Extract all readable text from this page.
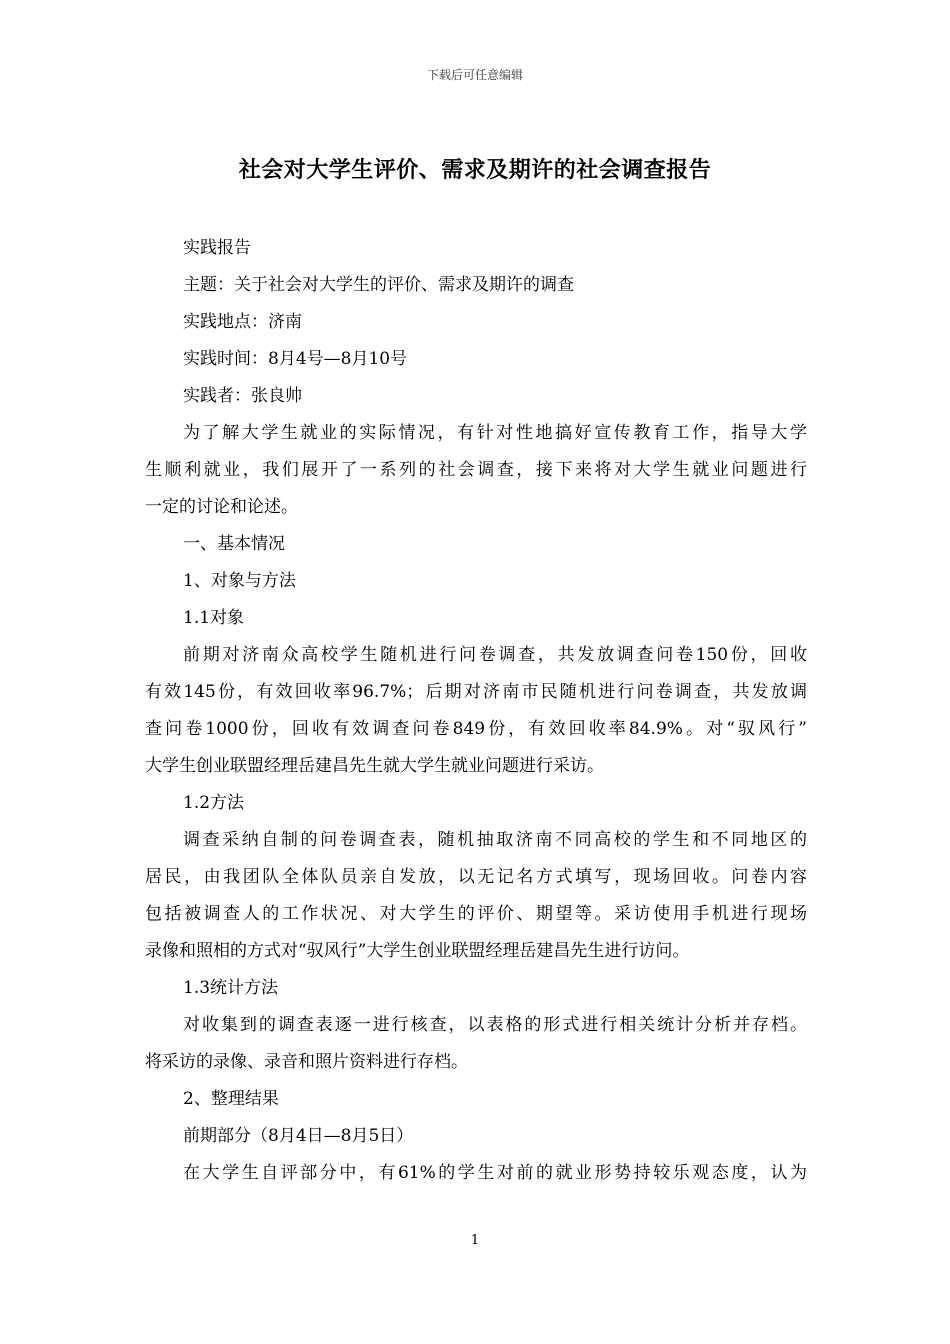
下载后可任意编辑
社会对大学生评价、需求及期许的社会调查报告
实践报告
主题：关于社会对大学生的评价、需求及期许的调查
实践地点：济南
实践时间：8月4号—8月10号
实践者：张良帅
为了解大学生就业的实际情况，有针对性地搞好宣传教育工作，指导大学
生顺利就业，我们展开了一系列的社会调查，接下来将对大学生就业问题进行
一定的讨论和论述。
一、基本情况
1、对象与方法
1.1对象
前期对济南众高校学生随机进行问卷调查，共发放调查问卷150份，回收
有效145份，有效回收率96.7%；后期对济南市民随机进行问卷调查，共发放调
查问卷1000份，回收有效调查问卷849份，有效回收率84.9%。对“驭风行”
大学生创业联盟经理岳建昌先生就大学生就业问题进行采访。
1.2方法
调查采纳自制的问卷调查表，随机抽取济南不同高校的学生和不同地区的
居民，由我团队全体队员亲自发放，以无记名方式填写，现场回收。问卷内容
包括被调查人的工作状况、对大学生的评价、期望等。采访使用手机进行现场
录像和照相的方式对“驭风行”大学生创业联盟经理岳建昌先生进行访问。
1.3统计方法
对收集到的调查表逐一进行核查，以表格的形式进行相关统计分析并存档。
将采访的录像、录音和照片资料进行存档。
2、整理结果
前期部分（8月4日—8月5日）
在大学生自评部分中，有61%的学生对前的就业形势持较乐观态度，认为
1
